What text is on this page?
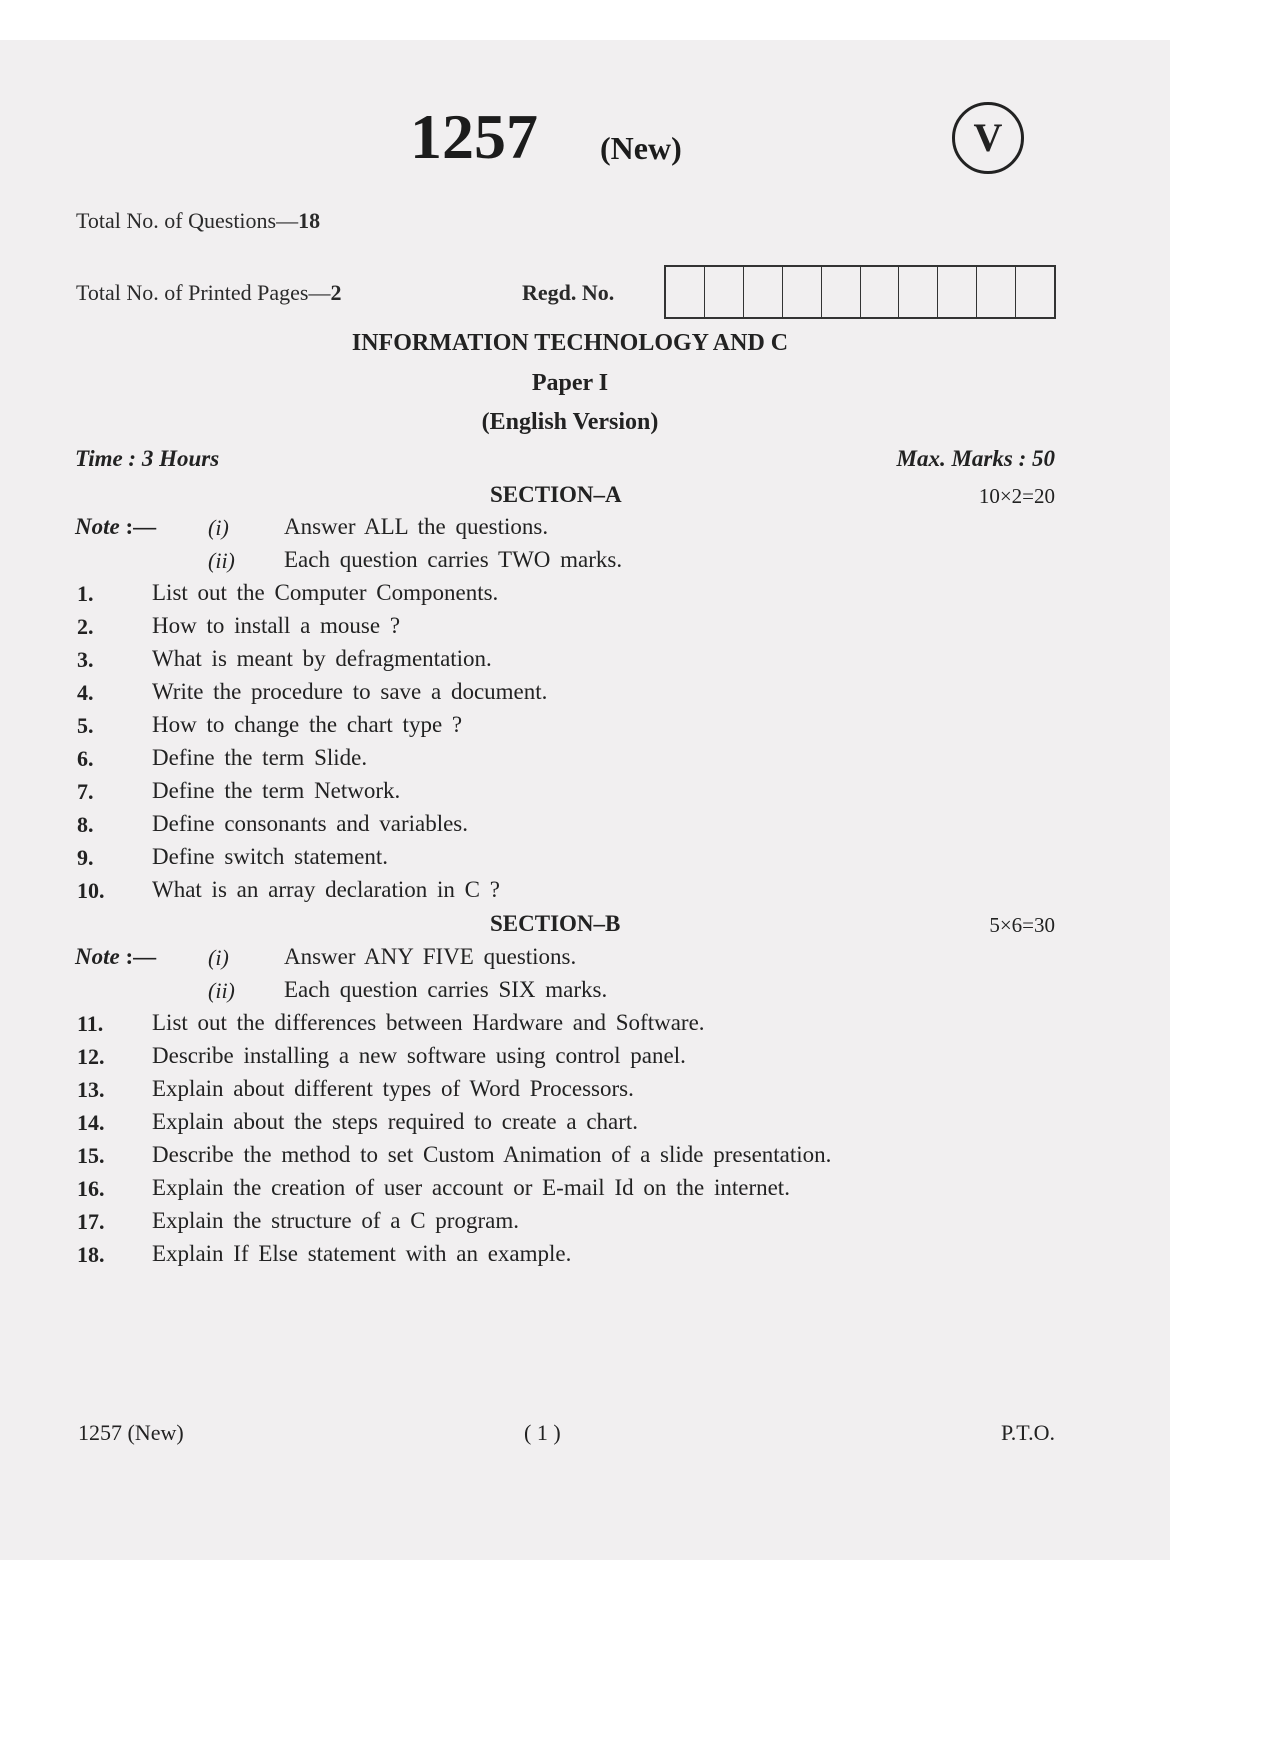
1257 (New)	V
Total No. of Questions—18
Total No. of Printed Pages—2	Regd. No.
INFORMATION TECHNOLOGY AND C
Paper I
(English Version)
Time : 3 Hours	Max. Marks : 50
SECTION–A	10×2=20
Note :— (i) Answer ALL the questions.
(ii) Each question carries TWO marks.
1.	List out the Computer Components.
2.	How to install a mouse ?
3.	What is meant by defragmentation.
4.	Write the procedure to save a document.
5.	How to change the chart type ?
6.	Define the term Slide.
7.	Define the term Network.
8.	Define consonants and variables.
9.	Define switch statement.
10. What is an array declaration in C ?
SECTION–B	5×6=30
Note :— (i) Answer ANY FIVE questions.
(ii) Each question carries SIX marks.
11. List out the differences between Hardware and Software.
12. Describe installing a new software using control panel.
13. Explain about different types of Word Processors.
14. Explain about the steps required to create a chart.
15. Describe the method to set Custom Animation of a slide presentation.
16. Explain the creation of user account or E-mail Id on the internet.
17. Explain the structure of a C program.
18. Explain If Else statement with an example.
1257 (New)	( 1 )	P.T.O.
